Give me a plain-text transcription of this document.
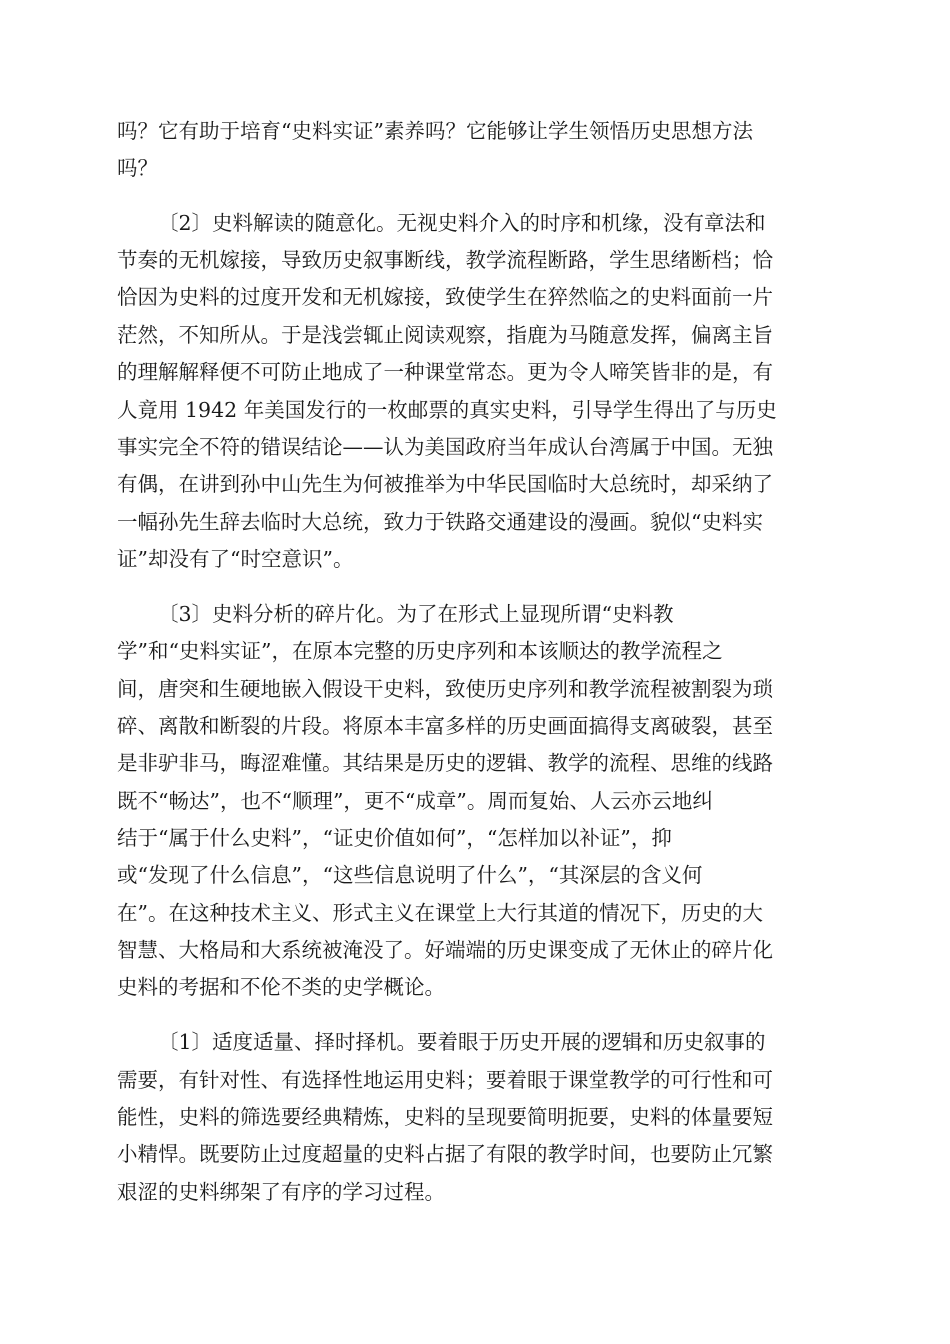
吗？它有助于培育“史料实证”素养吗？它能够让学生领悟历史思想方法
吗？
〔2〕史料解读的随意化。无视史料介入的时序和机缘，没有章法和
节奏的无机嫁接，导致历史叙事断线，教学流程断路，学生思绪断档；恰
恰因为史料的过度开发和无机嫁接，致使学生在猝然临之的史料面前一片
茫然，不知所从。于是浅尝辄止阅读观察，指鹿为马随意发挥，偏离主旨
的理解解释便不可防止地成了一种课堂常态。更为令人啼笑皆非的是，有
人竟用 1942 年美国发行的一枚邮票的真实史料，引导学生得出了与历史
事实完全不符的错误结论——认为美国政府当年成认台湾属于中国。无独
有偶，在讲到孙中山先生为何被推举为中华民国临时大总统时，却采纳了
一幅孙先生辞去临时大总统，致力于铁路交通建设的漫画。貌似“史料实
证”却没有了“时空意识”。
〔3〕史料分析的碎片化。为了在形式上显现所谓“史料教
学”和“史料实证”，在原本完整的历史序列和本该顺达的教学流程之
间，唐突和生硬地嵌入假设干史料，致使历史序列和教学流程被割裂为琐
碎、离散和断裂的片段。将原本丰富多样的历史画面搞得支离破裂，甚至
是非驴非马，晦涩难懂。其结果是历史的逻辑、教学的流程、思维的线路
既不“畅达”，也不“顺理”，更不“成章”。周而复始、人云亦云地纠
结于“属于什么史料”，“证史价值如何”，“怎样加以补证”，抑
或“发现了什么信息”，“这些信息说明了什么”，“其深层的含义何
在”。在这种技术主义、形式主义在课堂上大行其道的情况下，历史的大
智慧、大格局和大系统被淹没了。好端端的历史课变成了无休止的碎片化
史料的考据和不伦不类的史学概论。
〔1〕适度适量、择时择机。要着眼于历史开展的逻辑和历史叙事的
需要，有针对性、有选择性地运用史料；要着眼于课堂教学的可行性和可
能性，史料的筛选要经典精炼，史料的呈现要简明扼要，史料的体量要短
小精悍。既要防止过度超量的史料占据了有限的教学时间，也要防止冗繁
艰涩的史料绑架了有序的学习过程。
